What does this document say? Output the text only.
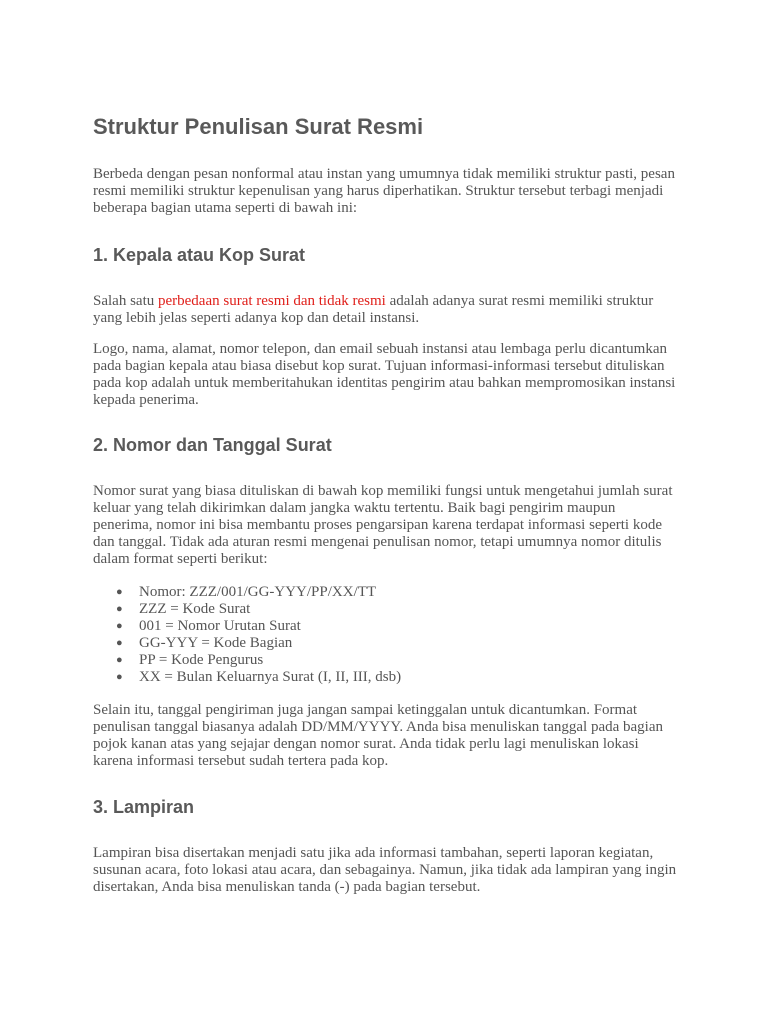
Struktur Penulisan Surat Resmi

Berbeda dengan pesan nonformal atau instan yang umumnya tidak memiliki struktur pasti, pesan resmi memiliki struktur kepenulisan yang harus diperhatikan. Struktur tersebut terbagi menjadi beberapa bagian utama seperti di bawah ini:

1. Kepala atau Kop Surat

Salah satu perbedaan surat resmi dan tidak resmi adalah adanya surat resmi memiliki struktur yang lebih jelas seperti adanya kop dan detail instansi.

Logo, nama, alamat, nomor telepon, dan email sebuah instansi atau lembaga perlu dicantumkan pada bagian kepala atau biasa disebut kop surat. Tujuan informasi-informasi tersebut dituliskan pada kop adalah untuk memberitahukan identitas pengirim atau bahkan mempromosikan instansi kepada penerima.

2. Nomor dan Tanggal Surat

Nomor surat yang biasa dituliskan di bawah kop memiliki fungsi untuk mengetahui jumlah surat keluar yang telah dikirimkan dalam jangka waktu tertentu. Baik bagi pengirim maupun penerima, nomor ini bisa membantu proses pengarsipan karena terdapat informasi seperti kode dan tanggal. Tidak ada aturan resmi mengenai penulisan nomor, tetapi umumnya nomor ditulis dalam format seperti berikut:

● Nomor: ZZZ/001/GG-YYY/PP/XX/TT
● ZZZ = Kode Surat
● 001 = Nomor Urutan Surat
● GG-YYY = Kode Bagian
● PP = Kode Pengurus
● XX = Bulan Keluarnya Surat (I, II, III, dsb)

Selain itu, tanggal pengiriman juga jangan sampai ketinggalan untuk dicantumkan. Format penulisan tanggal biasanya adalah DD/MM/YYYY. Anda bisa menuliskan tanggal pada bagian pojok kanan atas yang sejajar dengan nomor surat. Anda tidak perlu lagi menuliskan lokasi karena informasi tersebut sudah tertera pada kop.

3. Lampiran

Lampiran bisa disertakan menjadi satu jika ada informasi tambahan, seperti laporan kegiatan, susunan acara, foto lokasi atau acara, dan sebagainya. Namun, jika tidak ada lampiran yang ingin disertakan, Anda bisa menuliskan tanda (-) pada bagian tersebut.
